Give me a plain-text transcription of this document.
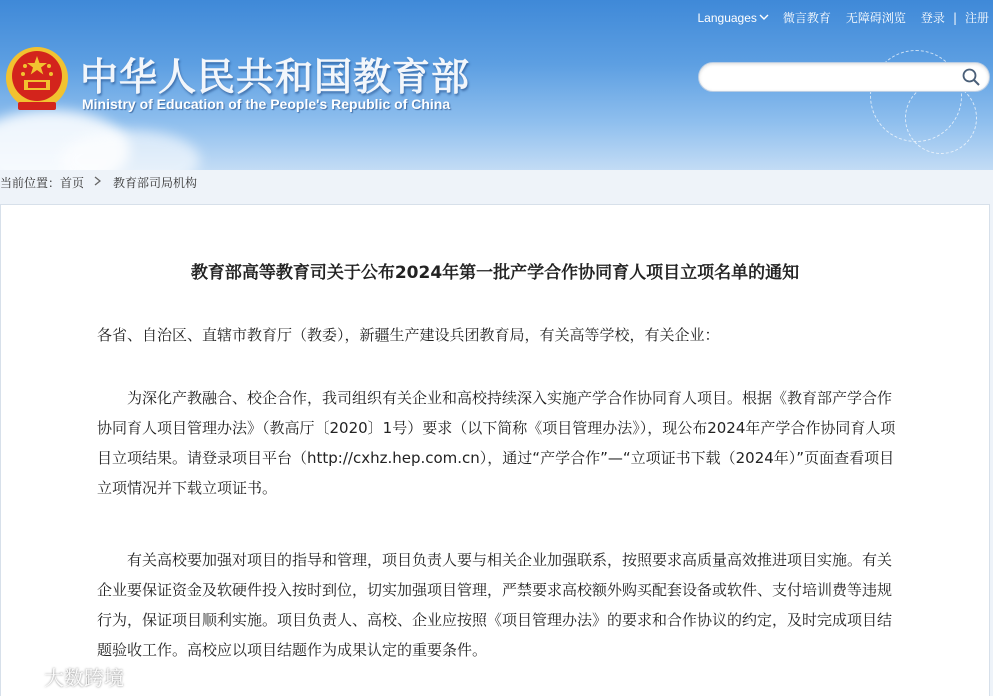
中华人民共和国教育部

Ministry of Education of the People's Republic of China

Languages 微言教育 无障碍浏览 登录 | 注册
当前位置： 首页 教育部司局机构
教育部高等教育司关于公布2024年第一批产学合作协同育人项目立项名单的通知

各省、自治区、直辖市教育厅（教委），新疆生产建设兵团教育局，有关高等学校，有关企业：

为深化产教融合、校企合作，我司组织有关企业和高校持续深入实施产学合作协同育人项目。根据《教育部产学合作协同育人项目管理办法》（教高厅〔2020〕1号）要求（以下简称《项目管理办法》），现公布2024年产学合作协同育人项目立项结果。请登录项目平台（http://cxhz.hep.com.cn），通过“产学合作”—“立项证书下载（2024年）”页面查看项目立项情况并下载立项证书。

有关高校要加强对项目的指导和管理，项目负责人要与相关企业加强联系，按照要求高质量高效推进项目实施。有关企业要保证资金及软硬件投入按时到位，切实加强项目管理，严禁要求高校额外购买配套设备或软件、支付培训费等违规行为，保证项目顺利实施。项目负责人、高校、企业应按照《项目管理办法》的要求和合作协议的约定，及时完成项目结题验收工作。高校应以项目结题作为成果认定的重要条件。

大数跨境
